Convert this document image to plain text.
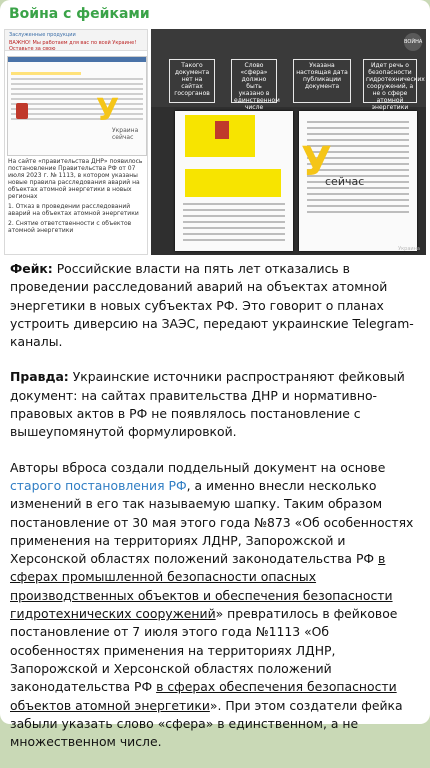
Война с фейками
Заслуженные продукции
ВАЖНО! Мы работаем для вас по всей Украине! Оставьте за свою
У
Украина сейчас

На сайте «правительства ДНР» появилось постановление Правительства РФ от 07 июля 2023 г. № 1113, в котором указаны новые правила расследования аварий на объектах атомной энергетики в новых регионах

1. Отказ в проведении расследований аварий на объектах атомной энергетики

2. Снятие ответственности с объектов атомной энергетики

ВОЙНА
Такого документа нет на сайтах госорганов
Слово «сфера» должно быть указано в единственном числе
Указана настоящая дата публикации документа
Идет речь о безопасности гидротехнических сооружений, а не о сфере атомной энергетики
У
сейчас
Украина

Фейк: Российские власти на пять лет отказались в проведении расследований аварий на объектах атомной энергетики в новых субъектах РФ. Это говорит о планах устроить диверсию на ЗАЭС, передают украинские Telegram-каналы.

Правда: Украинские источники распространяют фейковый документ: на сайтах правительства ДНР и нормативно-правовых актов в РФ не появлялось постановление с вышеупомянутой формулировкой.

Авторы вброса создали поддельный документ на основе старого постановления РФ, а именно внесли несколько изменений в его так называемую шапку. Таким образом постановление от 30 мая этого года №873 «Об особенностях применения на территориях ЛДНР, Запорожской и Херсонской областях положений законодательства РФ в сферах промышленной безопасности опасных производственных объектов и обеспечения безопасности гидротехнических сооружений» превратилось в фейковое постановление от 7 июля этого года №1113 «Об особенностях применения на территориях ЛДНР, Запорожской и Херсонской областях положений законодательства РФ в сферах обеспечения безопасности объектов атомной энергетики». При этом создатели фейка забыли указать слово «сфера» в единственном, а не множественном числе.
